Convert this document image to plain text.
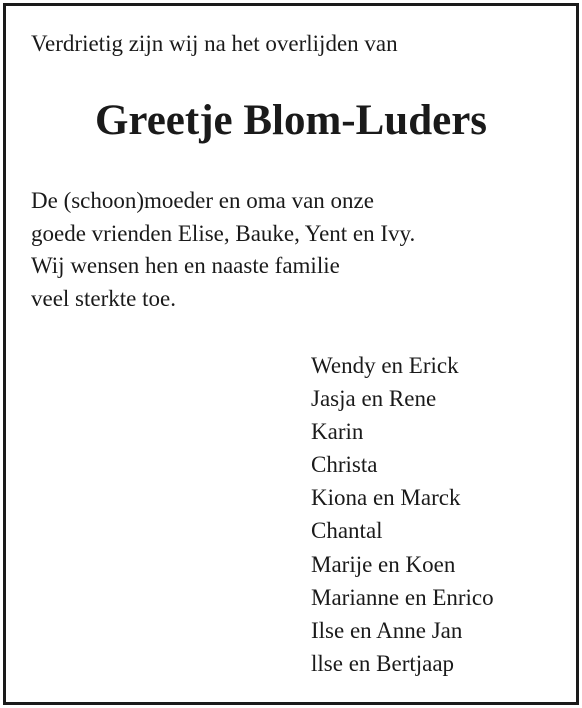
Verdrietig zijn wij na het overlijden van
Greetje Blom-Luders
De (schoon)moeder en oma van onze
goede vrienden Elise, Bauke, Yent en Ivy.
Wij wensen hen en naaste familie
veel sterkte toe.
Wendy en Erick
Jasja en Rene
Karin
Christa
Kiona en Marck
Chantal
Marije en Koen
Marianne en Enrico
Ilse en Anne Jan
llse en Bertjaap
